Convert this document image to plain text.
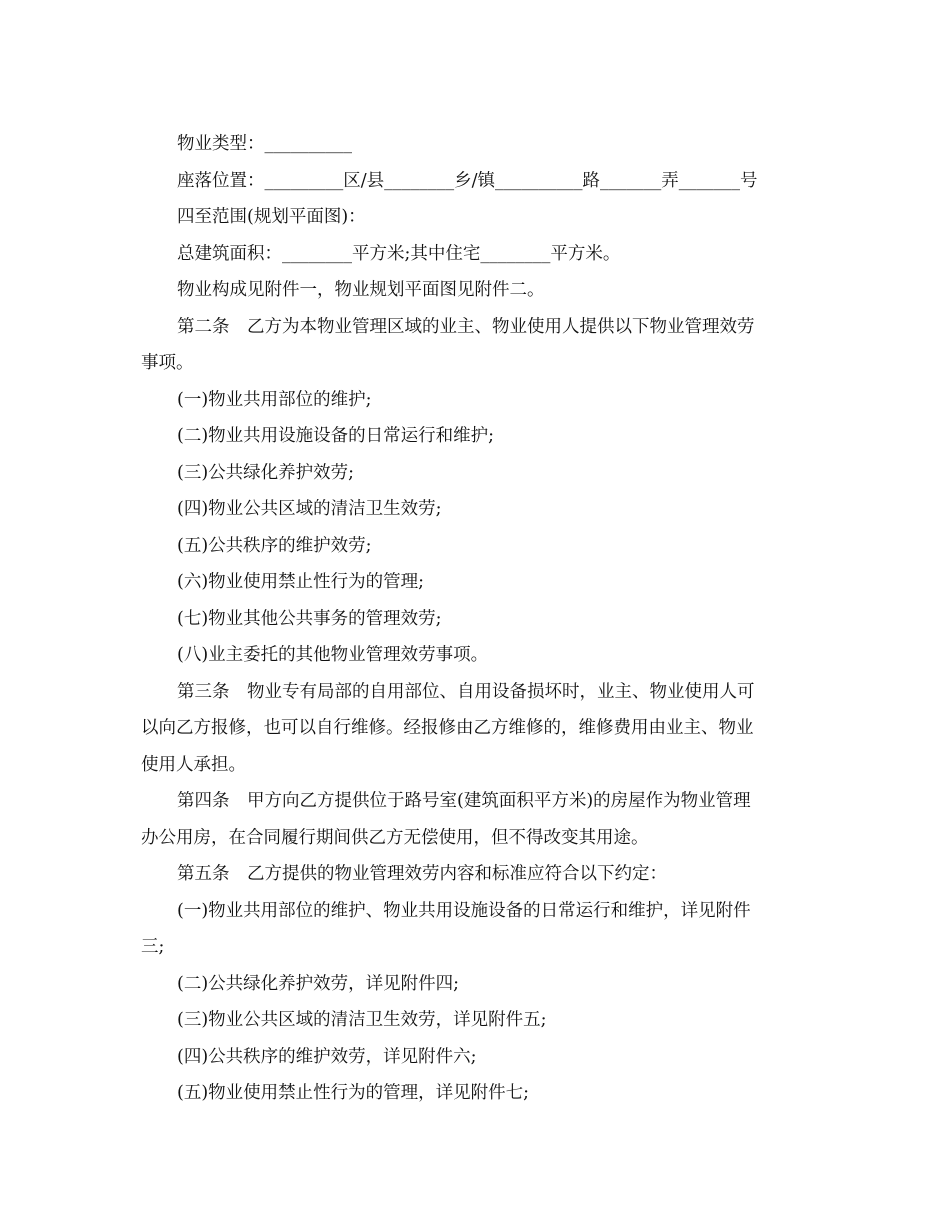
物业类型：__________
座落位置：_________区/县________乡/镇__________路_______弄_______号
四至范围(规划平面图)：
总建筑面积：________平方米;其中住宅________平方米。
物业构成见附件一，物业规划平面图见附件二。
第二条　乙方为本物业管理区域的业主、物业使用人提供以下物业管理效劳
事项。
(一)物业共用部位的维护;
(二)物业共用设施设备的日常运行和维护;
(三)公共绿化养护效劳;
(四)物业公共区域的清洁卫生效劳;
(五)公共秩序的维护效劳;
(六)物业使用禁止性行为的管理;
(七)物业其他公共事务的管理效劳;
(八)业主委托的其他物业管理效劳事项。
第三条　物业专有局部的自用部位、自用设备损坏时，业主、物业使用人可
以向乙方报修，也可以自行维修。经报修由乙方维修的，维修费用由业主、物业
使用人承担。
第四条　甲方向乙方提供位于路号室(建筑面积平方米)的房屋作为物业管理
办公用房，在合同履行期间供乙方无偿使用，但不得改变其用途。
第五条　乙方提供的物业管理效劳内容和标准应符合以下约定：
(一)物业共用部位的维护、物业共用设施设备的日常运行和维护，详见附件
三;
(二)公共绿化养护效劳，详见附件四;
(三)物业公共区域的清洁卫生效劳，详见附件五;
(四)公共秩序的维护效劳，详见附件六;
(五)物业使用禁止性行为的管理，详见附件七;
